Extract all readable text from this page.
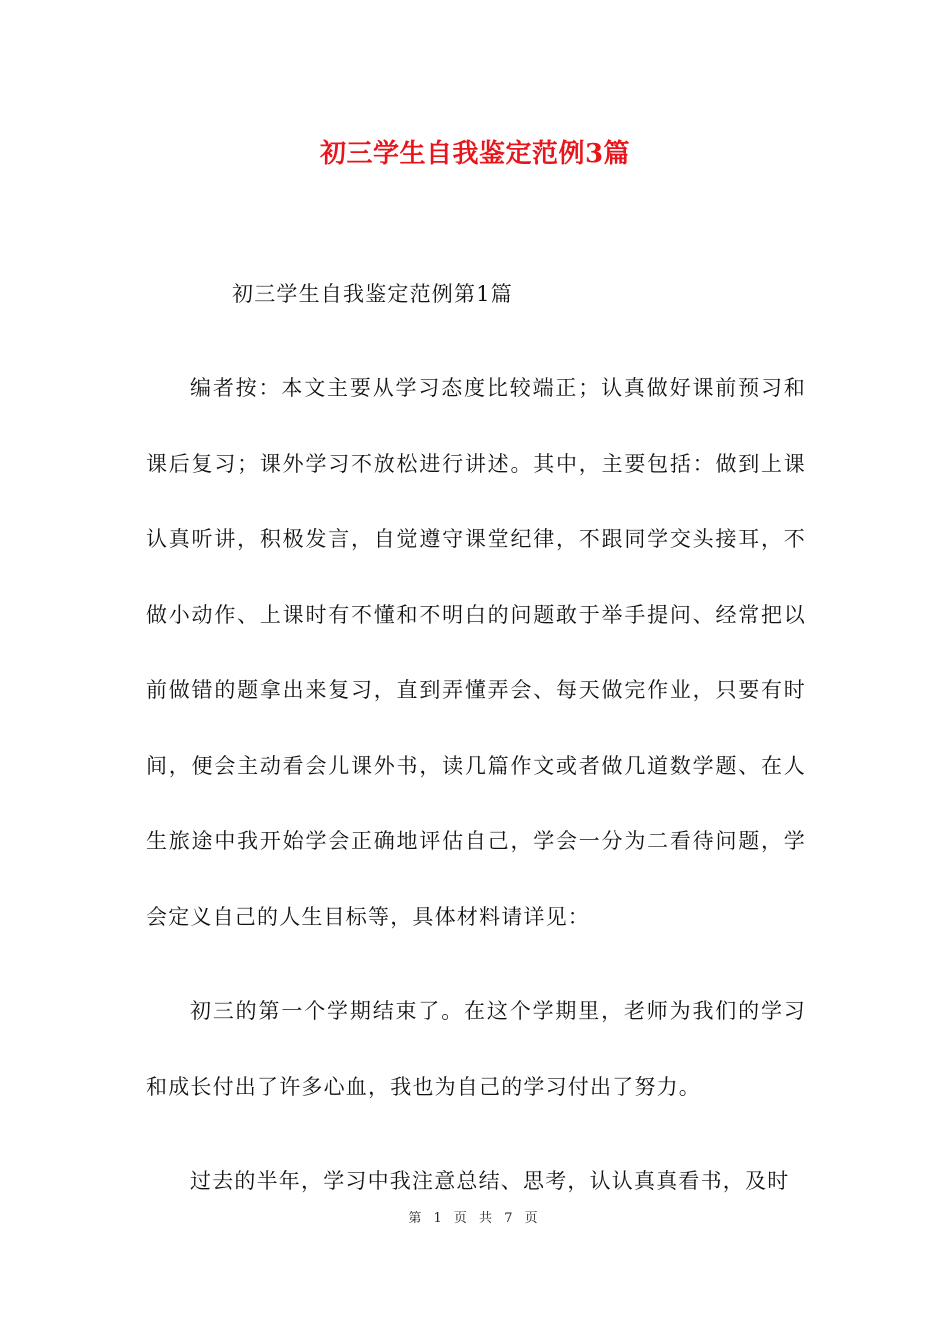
初三学生自我鉴定范例3篇
初三学生自我鉴定范例第1篇

编者按：本文主要从学习态度比较端正；认真做好课前预习和课后复习；课外学习不放松进行讲述。其中，主要包括：做到上课认真听讲，积极发言，自觉遵守课堂纪律，不跟同学交头接耳，不做小动作、上课时有不懂和不明白的问题敢于举手提问、经常把以前做错的题拿出来复习，直到弄懂弄会、每天做完作业，只要有时间，便会主动看会儿课外书，读几篇作文或者做几道数学题、在人生旅途中我开始学会正确地评估自己，学会一分为二看待问题，学会定义自己的人生目标等，具体材料请详见：

初三的第一个学期结束了。在这个学期里，老师为我们的学习和成长付出了许多心血，我也为自己的学习付出了努力。

过去的半年，学习中我注意总结、思考，认认真真看书，及时

第 1 页 共 7 页
